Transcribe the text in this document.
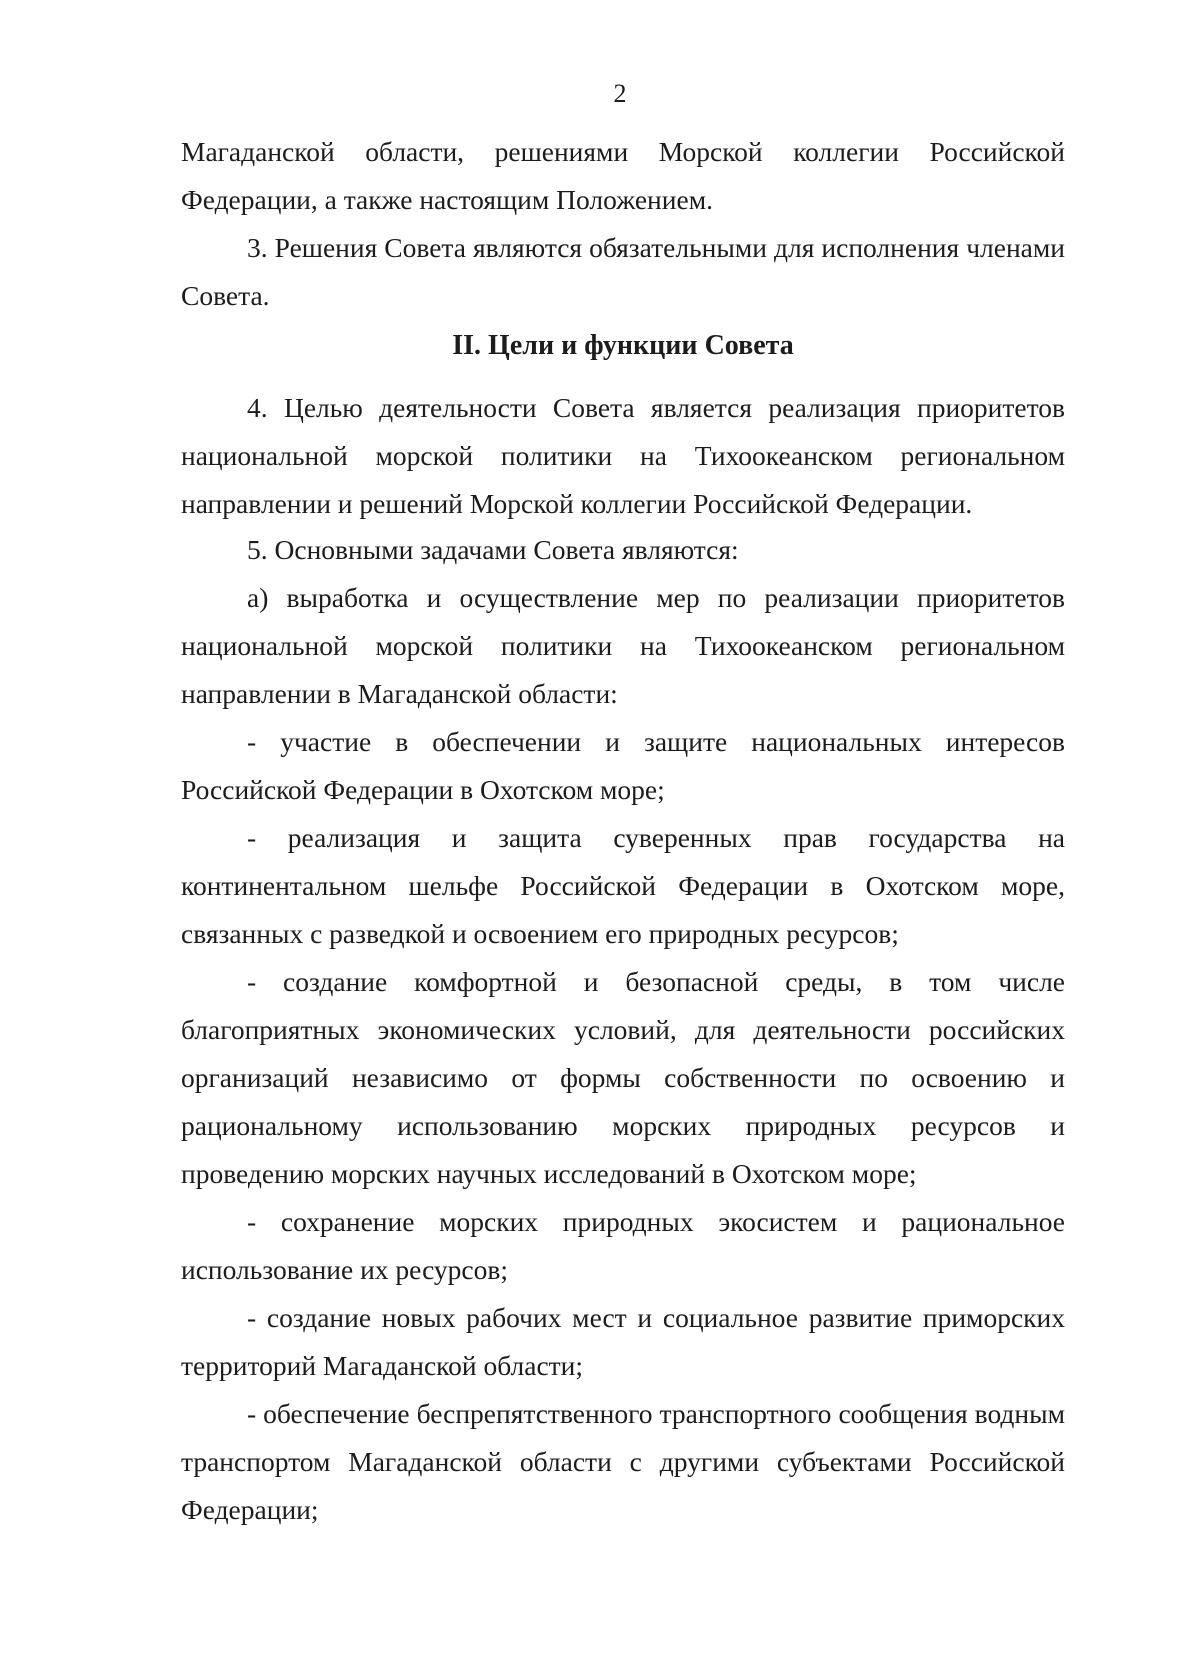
2

Магаданской области, решениями Морской коллегии Российской Федерации, а также настоящим Положением.

3. Решения Совета являются обязательными для исполнения членами Совета.

II. Цели и функции Совета

4. Целью деятельности Совета является реализация приоритетов национальной морской политики на Тихоокеанском региональном направлении и решений Морской коллегии Российской Федерации.

5. Основными задачами Совета являются:

а) выработка и осуществление мер по реализации приоритетов национальной морской политики на Тихоокеанском региональном направлении в Магаданской области:

- участие в обеспечении и защите национальных интересов Российской Федерации в Охотском море;

- реализация и защита суверенных прав государства на континентальном шельфе Российской Федерации в Охотском море, связанных с разведкой и освоением его природных ресурсов;

- создание комфортной и безопасной среды, в том числе благоприятных экономических условий, для деятельности российских организаций независимо от формы собственности по освоению и рациональному использованию морских природных ресурсов и проведению морских научных исследований в Охотском море;

- сохранение морских природных экосистем и рациональное использование их ресурсов;

- создание новых рабочих мест и социальное развитие приморских территорий Магаданской области;

- обеспечение беспрепятственного транспортного сообщения водным транспортом Магаданской области с другими субъектами Российской Федерации;
